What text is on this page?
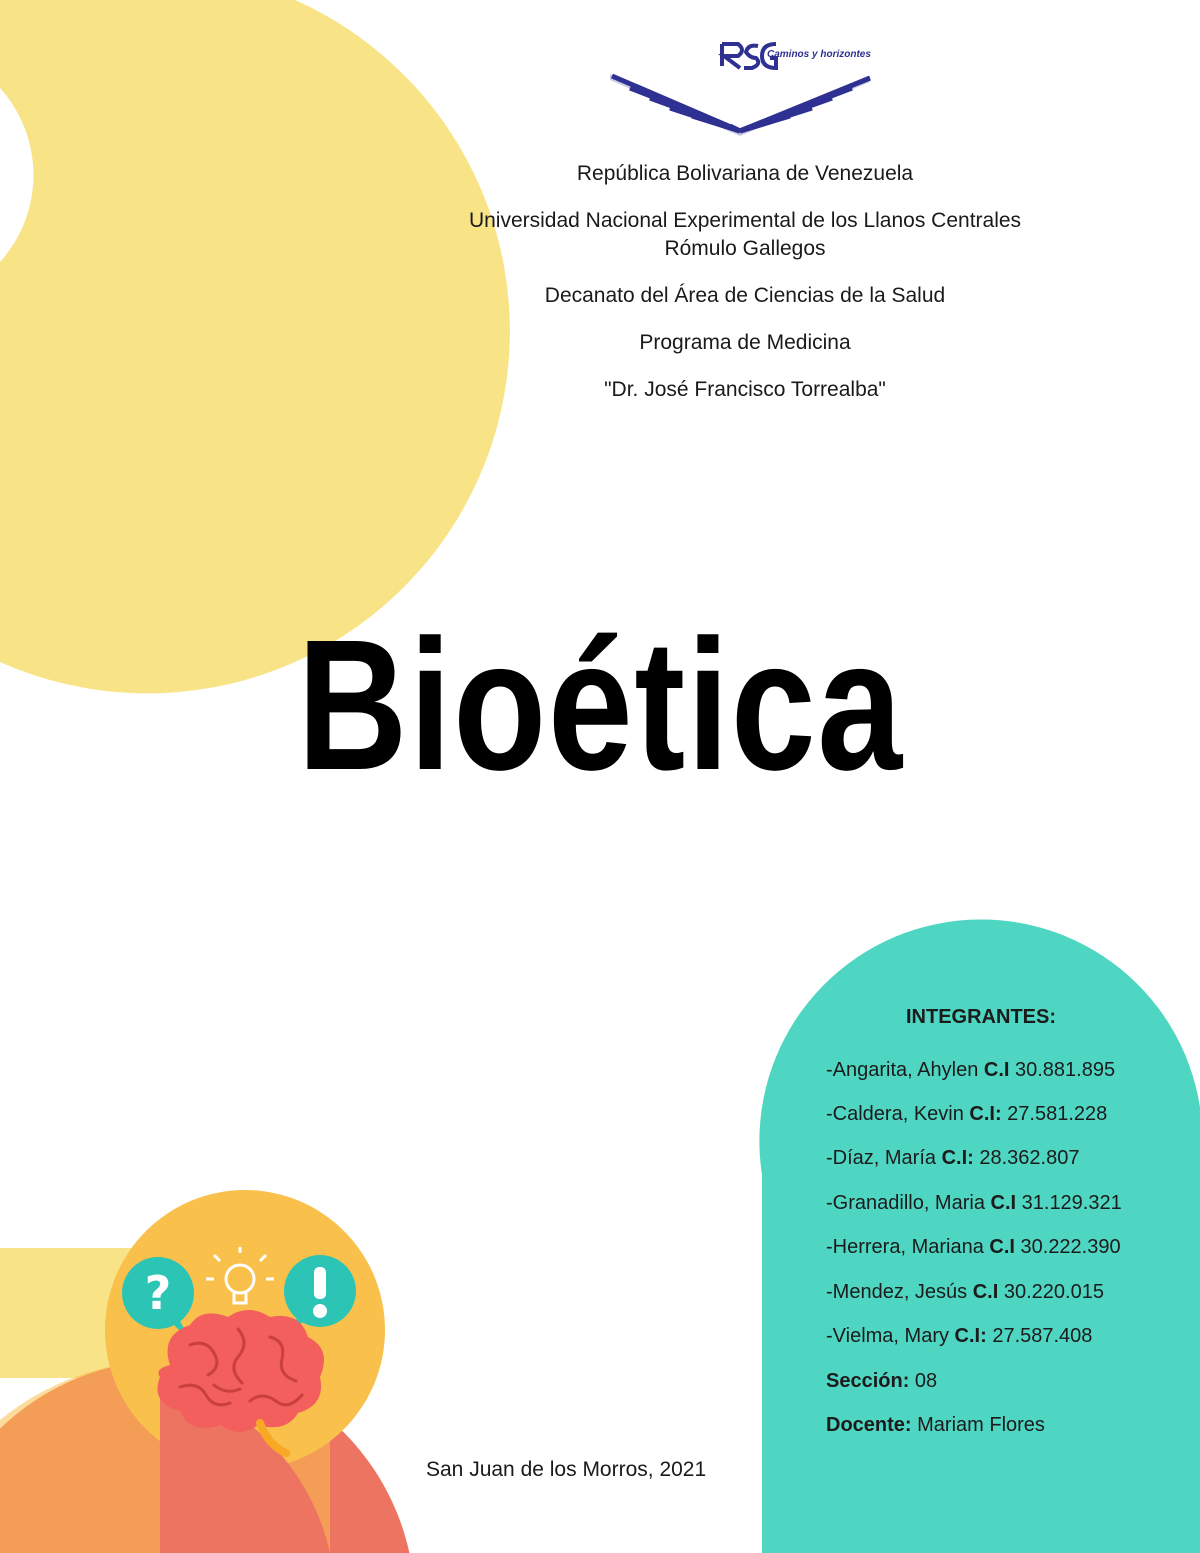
Caminos y horizontes

República Bolivariana de Venezuela

Universidad Nacional Experimental de los Llanos Centrales

Rómulo Gallegos

Decanato del Área de Ciencias de la Salud

Programa de Medicina

"Dr. José Francisco Torrealba"

Bioética
INTEGRANTES:
-Angarita, Ahylen C.I 30.881.895
-Caldera, Kevin C.I: 27.581.228
-Díaz, María C.I: 28.362.807
-Granadillo, Maria C.I 31.129.321
-Herrera, Mariana C.I 30.222.390
-Mendez, Jesús C.I 30.220.015
-Vielma, Mary C.I: 27.587.408
Sección: 08
Docente: Mariam Flores
?
San Juan de los Morros, 2021
